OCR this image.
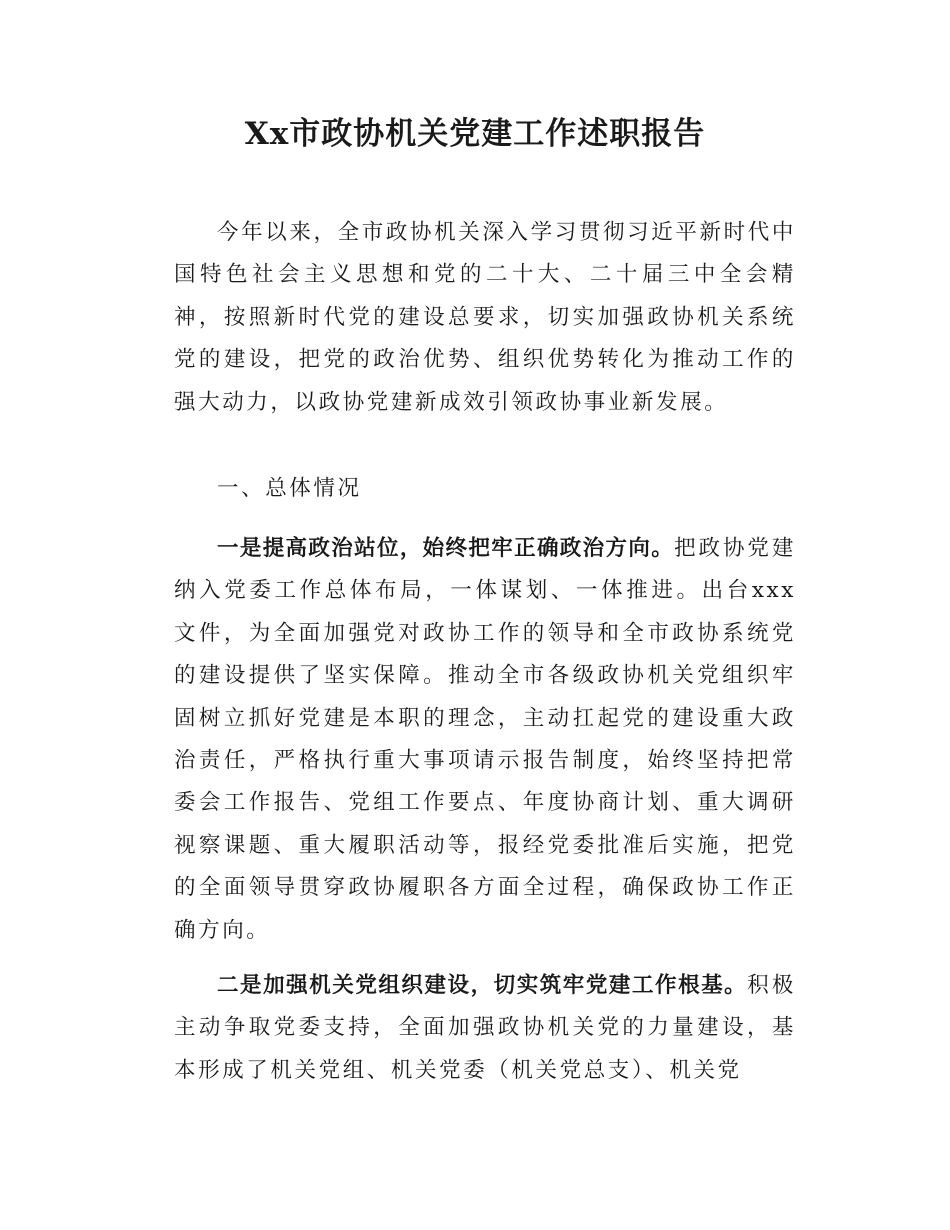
Xx市政协机关党建工作述职报告

今年以来，全市政协机关深入学习贯彻习近平新时代中国特色社会主义思想和党的二十大、二十届三中全会精神，按照新时代党的建设总要求，切实加强政协机关系统党的建设，把党的政治优势、组织优势转化为推动工作的强大动力，以政协党建新成效引领政协事业新发展。

一、总体情况

一是提高政治站位，始终把牢正确政治方向。把政协党建纳入党委工作总体布局，一体谋划、一体推进。出台xxx文件，为全面加强党对政协工作的领导和全市政协系统党的建设提供了坚实保障。推动全市各级政协机关党组织牢固树立抓好党建是本职的理念，主动扛起党的建设重大政治责任，严格执行重大事项请示报告制度，始终坚持把常委会工作报告、党组工作要点、年度协商计划、重大调研视察课题、重大履职活动等，报经党委批准后实施，把党的全面领导贯穿政协履职各方面全过程，确保政协工作正确方向。

二是加强机关党组织建设，切实筑牢党建工作根基。积极主动争取党委支持，全面加强政协机关党的力量建设，基本形成了机关党组、机关党委（机关党总支）、机关党
